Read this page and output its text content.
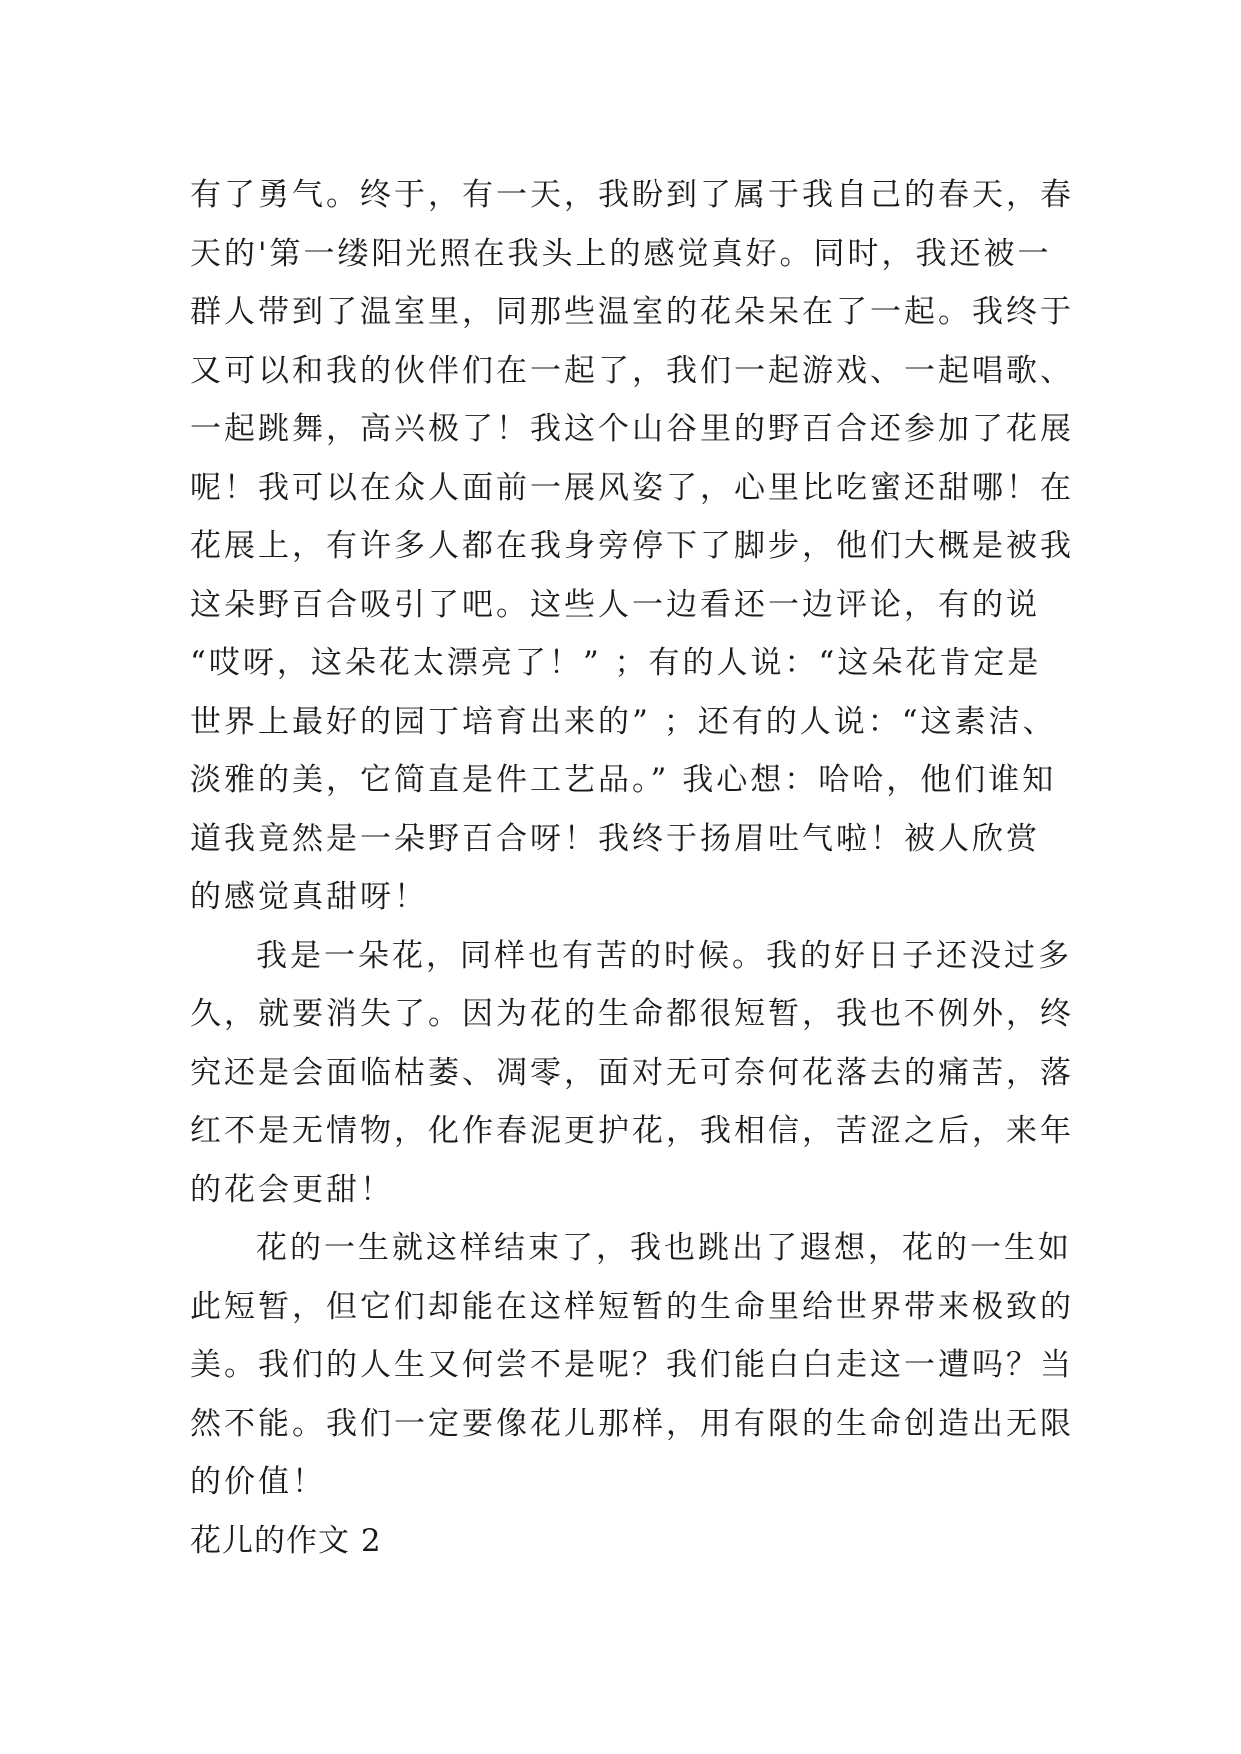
有了勇气。终于，有一天，我盼到了属于我自己的春天，春
天的'第一缕阳光照在我头上的感觉真好。同时，我还被一
群人带到了温室里，同那些温室的花朵呆在了一起。我终于
又可以和我的伙伴们在一起了，我们一起游戏、一起唱歌、
一起跳舞，高兴极了！我这个山谷里的野百合还参加了花展
呢！我可以在众人面前一展风姿了，心里比吃蜜还甜哪！在
花展上，有许多人都在我身旁停下了脚步，他们大概是被我
这朵野百合吸引了吧。这些人一边看还一边评论，有的说
“哎呀，这朵花太漂亮了！” ；有的人说：“这朵花肯定是
世界上最好的园丁培育出来的” ；还有的人说：“这素洁、
淡雅的美，它简直是件工艺品。” 我心想：哈哈，他们谁知
道我竟然是一朵野百合呀！我终于扬眉吐气啦！被人欣赏
的感觉真甜呀！
我是一朵花，同样也有苦的时候。我的好日子还没过多
久，就要消失了。因为花的生命都很短暂，我也不例外，终
究还是会面临枯萎、凋零，面对无可奈何花落去的痛苦，落
红不是无情物，化作春泥更护花，我相信，苦涩之后，来年
的花会更甜！
花的一生就这样结束了，我也跳出了遐想，花的一生如
此短暂，但它们却能在这样短暂的生命里给世界带来极致的
美。我们的人生又何尝不是呢？我们能白白走这一遭吗？当
然不能。我们一定要像花儿那样，用有限的生命创造出无限
的价值！
花儿的作文 2
